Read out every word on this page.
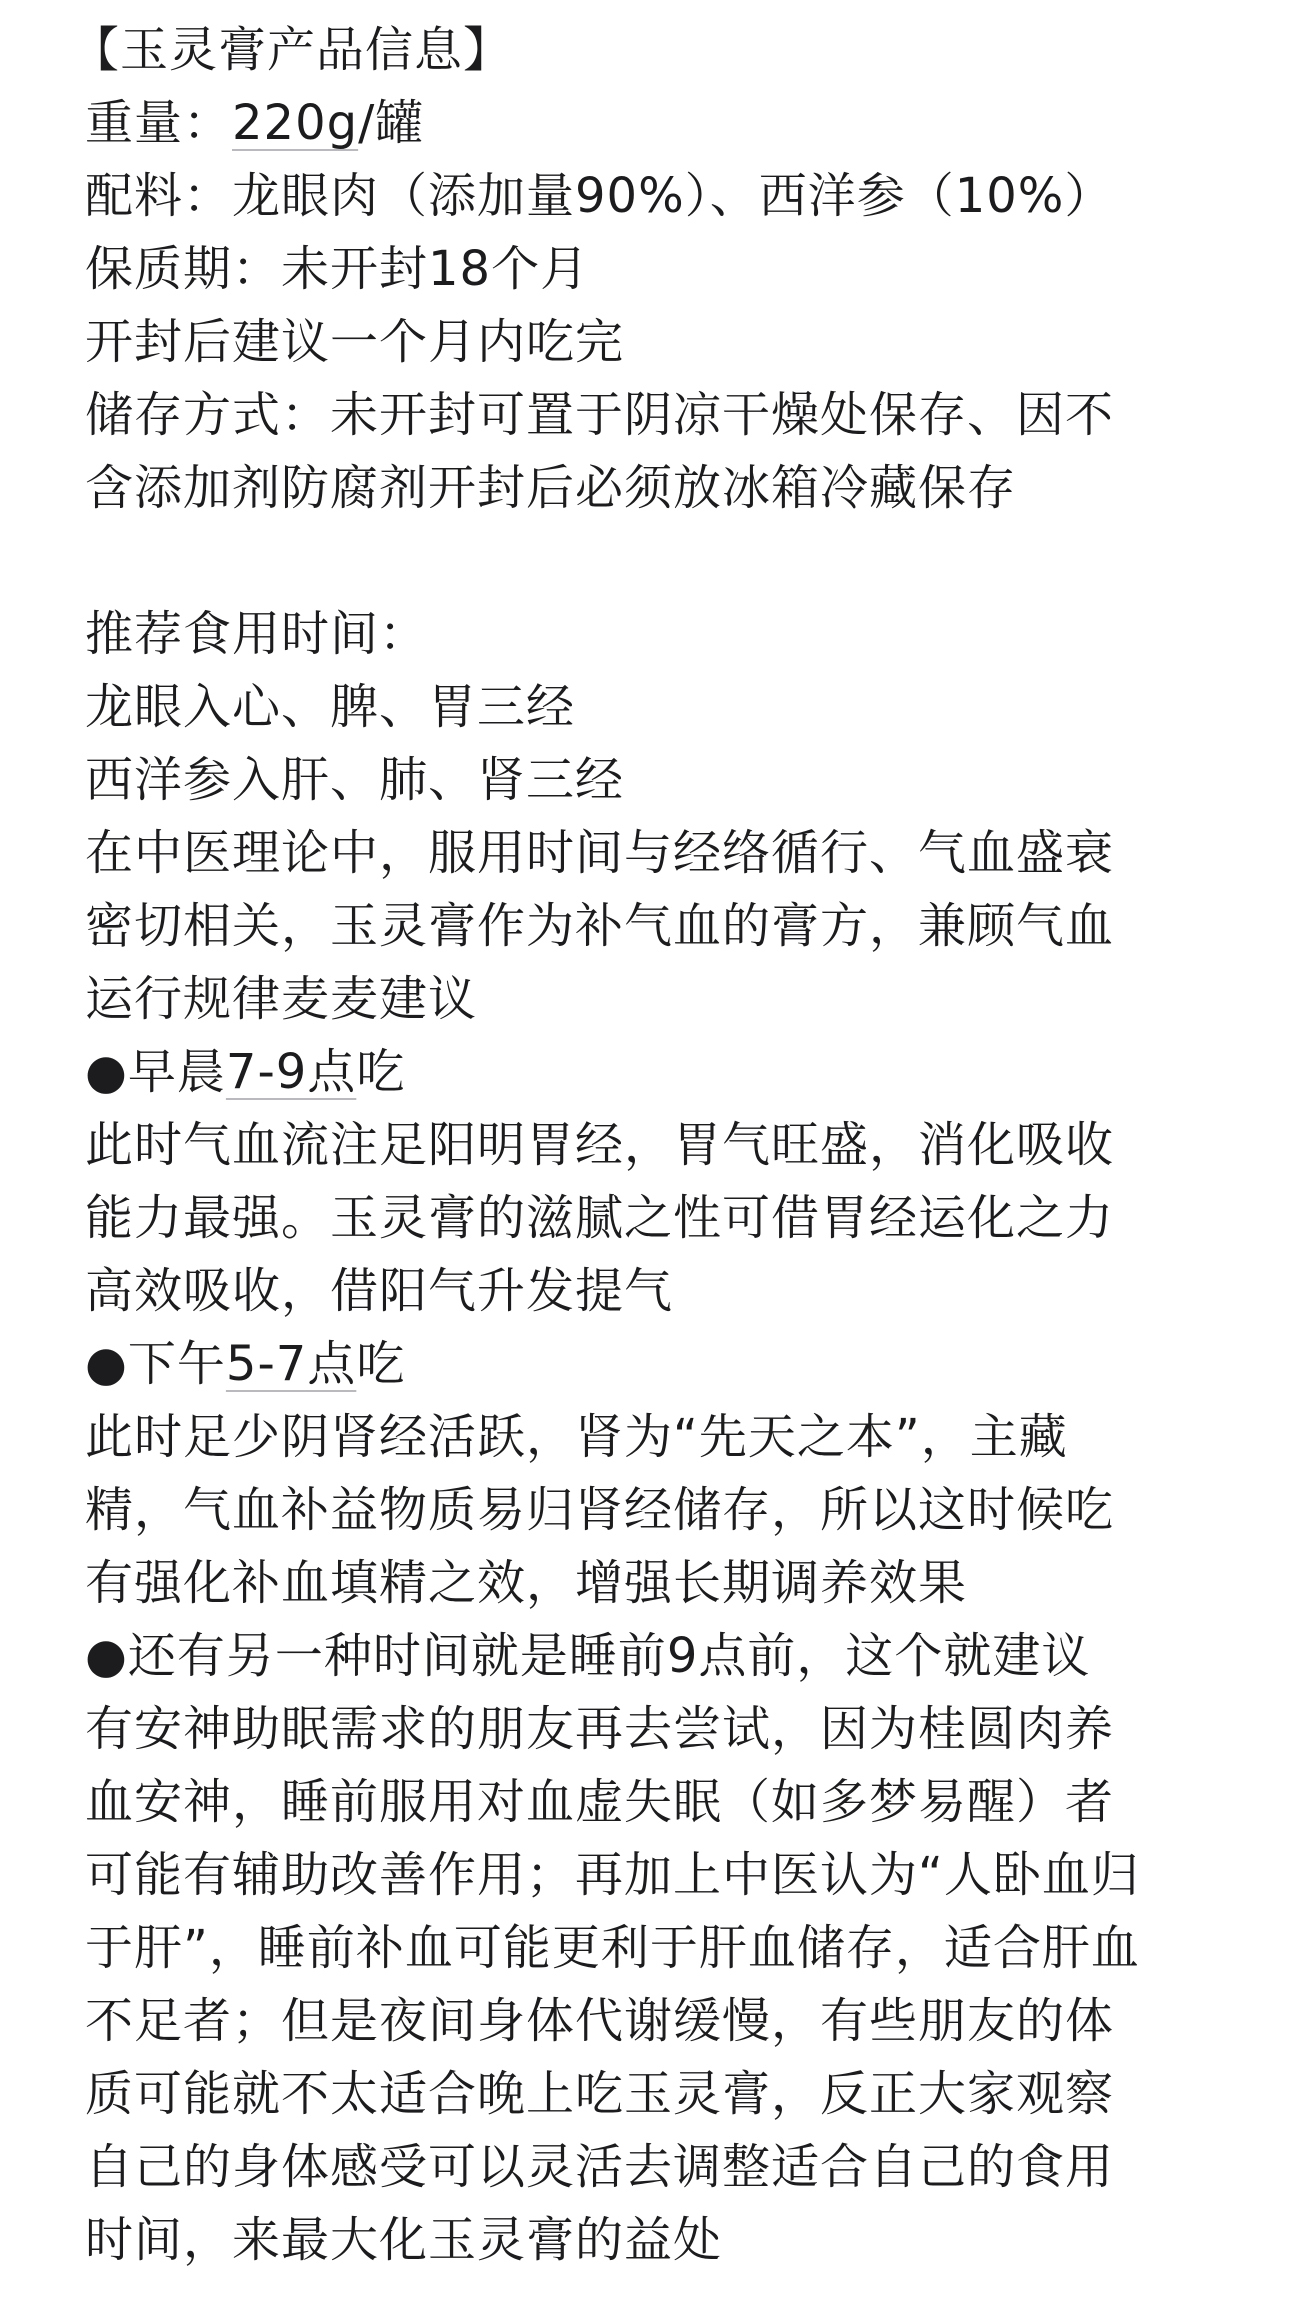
【玉灵膏产品信息】
重量：220g/罐
配料：龙眼肉（添加量90%）、西洋参（10%）
保质期：未开封18个月
开封后建议一个月内吃完
储存方式：未开封可置于阴凉干燥处保存、因不
含添加剂防腐剂开封后必须放冰箱冷藏保存
推荐食用时间：
龙眼入心、脾、胃三经
西洋参入肝、肺、肾三经
在中医理论中，服用时间与经络循行、气血盛衰
密切相关，玉灵膏作为补气血的膏方，兼顾气血
运行规律麦麦建议
●早晨7-9点吃
此时气血流注足阳明胃经，胃气旺盛，消化吸收
能力最强。玉灵膏的滋腻之性可借胃经运化之力
高效吸收，借阳气升发提气
●下午5-7点吃
此时足少阴肾经活跃，肾为“先天之本”，主藏
精，气血补益物质易归肾经储存，所以这时候吃
有强化补血填精之效，增强长期调养效果
●还有另一种时间就是睡前9点前，这个就建议
有安神助眠需求的朋友再去尝试，因为桂圆肉养
血安神，睡前服用对血虚失眠（如多梦易醒）者
可能有辅助改善作用；再加上中医认为“人卧血归
于肝”，睡前补血可能更利于肝血储存，适合肝血
不足者；但是夜间身体代谢缓慢，有些朋友的体
质可能就不太适合晚上吃玉灵膏，反正大家观察
自己的身体感受可以灵活去调整适合自己的食用
时间，来最大化玉灵膏的益处
